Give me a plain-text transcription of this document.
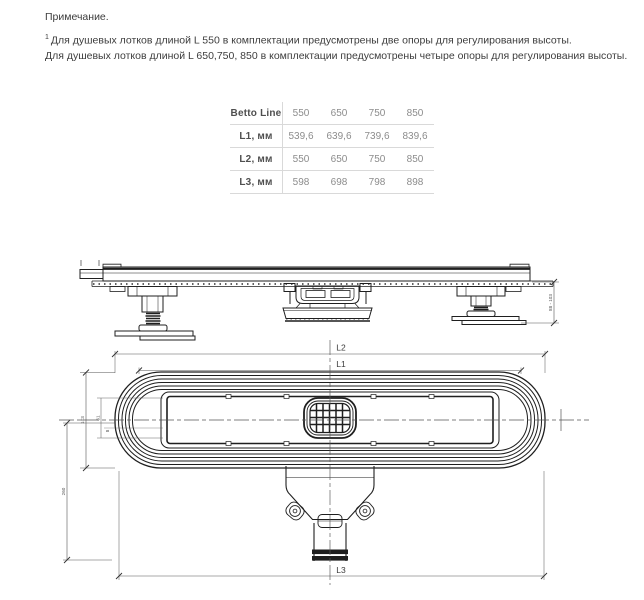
Примечание.
$^1$ Для душевых лотков длиной L 550 в комплектации предусмотрены две опоры для регулирования высоты.
Для душевых лотков длиной L 650,750, 850 в комплектации предусмотрены четыре опоры для регулирования высоты.
Betto Line	550	650	750	850
L1, мм	539,6	639,6	739,6	839,6
L2, мм	550	650	750	850
L3, мм	598	698	798	898
88 - 103
L2
L1
L3
103 61
8
260
